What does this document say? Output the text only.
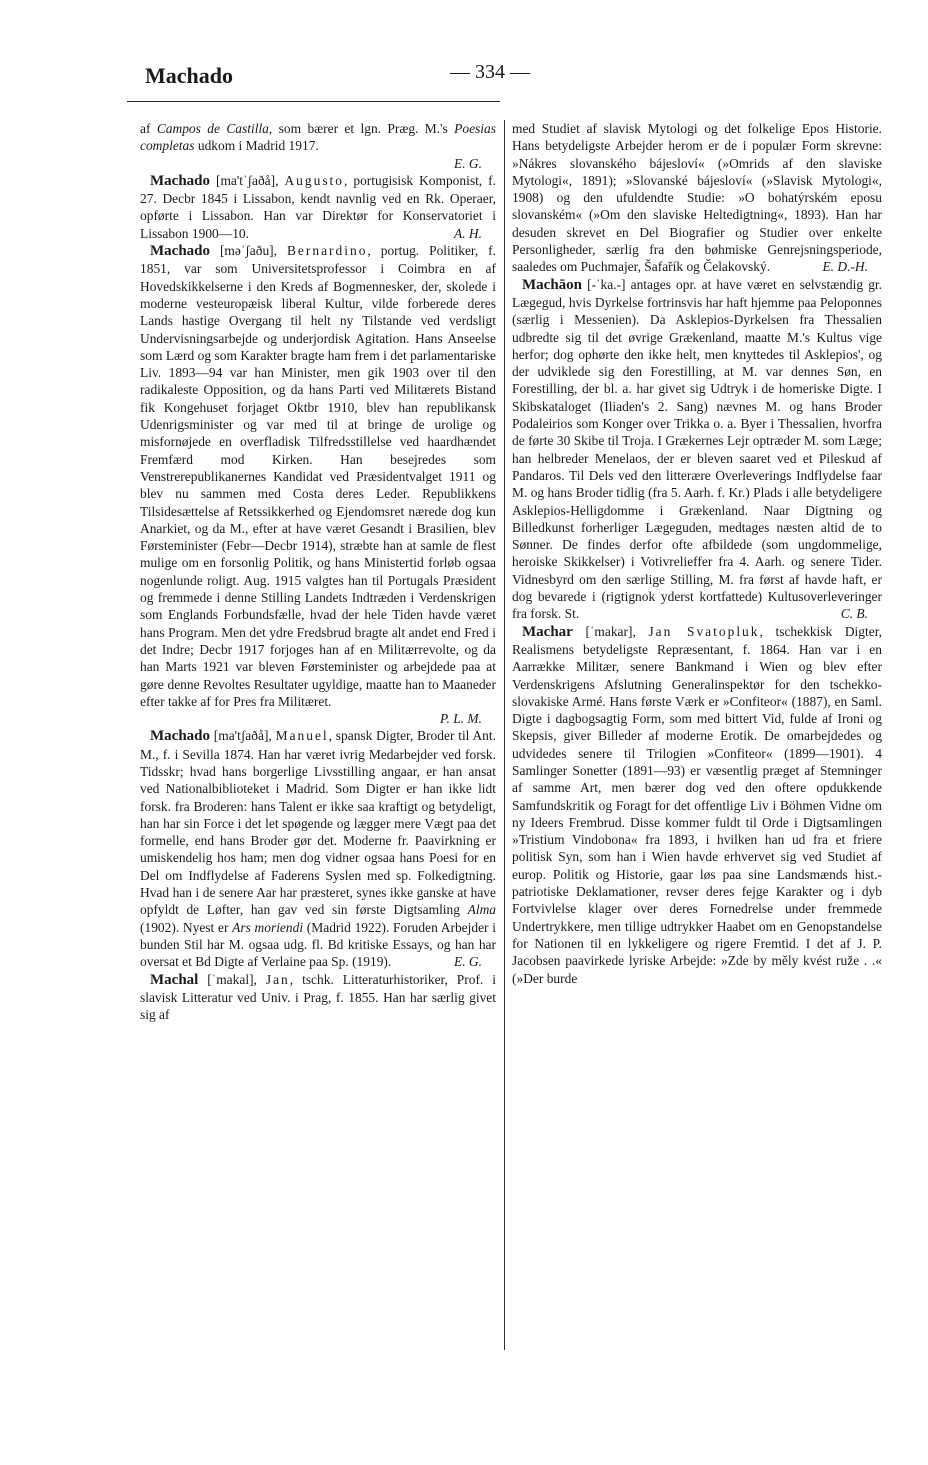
Machado	— 334 —

af Campos de Castilla, som bærer et lgn. Præg. M.'s Poesias completas udkom i Madrid 1917.
E. G.

Machado [ma'tˈʃaðå], Augusto, portugisisk Komponist, f. 27. Decbr 1845 i Lissabon, kendt navnlig ved en Rk. Operaer, opførte i Lissabon. Han var Direktør for Konservatoriet i Lissabon 1900—10.	A. H.

Machado [məˈʃaðu], Bernardino, portug. Politiker, f. 1851, var som Universitetsprofessor i Coimbra en af Hovedskikkelserne i den Kreds af Bogmennesker, der, skolede i moderne vesteuropæisk liberal Kultur, vilde forberede deres Lands hastige Overgang til helt ny Tilstande ved verdsligt Undervisningsarbejde og underjordisk Agitation. Hans Anseelse som Lærd og som Karakter bragte ham frem i det parlamentariske Liv. 1893—94 var han Minister, men gik 1903 over til den radikaleste Opposition, og da hans Parti ved Militærets Bistand fik Kongehuset forjaget Oktbr 1910, blev han republikansk Udenrigsminister og var med til at bringe de urolige og misfornøjede en overfladisk Tilfredsstillelse ved haardhændet Fremfærd mod Kirken. Han besejredes som Venstrerepublikanernes Kandidat ved Præsidentvalget 1911 og blev nu sammen med Costa deres Leder. Republikkens Tilsidesættelse af Retssikkerhed og Ejendomsret nærede dog kun Anarkiet, og da M., efter at have været Gesandt i Brasilien, blev Førsteminister (Febr—Decbr 1914), stræbte han at samle de flest mulige om en forsonlig Politik, og hans Ministertid forløb ogsaa nogenlunde roligt. Aug. 1915 valgtes han til Portugals Præsident og fremmede i denne Stilling Landets Indtræden i Verdenskrigen som Englands Forbundsfælle, hvad der hele Tiden havde været hans Program. Men det ydre Fredsbrud bragte alt andet end Fred i det Indre; Decbr 1917 forjoges han af en Militærrevolte, og da han Marts 1921 var bleven Førsteminister og arbejdede paa at gøre denne Revoltes Resultater ugyldige, maatte han to Maaneder efter takke af for Pres fra Militæret.
P. L. M.

Machado [ma'tʃaðå], Manuel, spansk Digter, Broder til Ant. M., f. i Sevilla 1874. Han har været ivrig Medarbejder ved forsk. Tidsskr; hvad hans borgerlige Livsstilling angaar, er han ansat ved Nationalbiblioteket i Madrid. Som Digter er han ikke lidt forsk. fra Broderen: hans Talent er ikke saa kraftigt og betydeligt, han har sin Force i det let spøgende og lægger mere Vægt paa det formelle, end hans Broder gør det. Moderne fr. Paavirkning er umiskendelig hos ham; men dog vidner ogsaa hans Poesi for en Del om Indflydelse af Faderens Syslen med sp. Folkedigtning. Hvad han i de senere Aar har præsteret, synes ikke ganske at have opfyldt de Løfter, han gav ved sin første Digtsamling Alma (1902). Nyest er Ars moriendi (Madrid 1922). Foruden Arbejder i bunden Stil har M. ogsaa udg. fl. Bd kritiske Essays, og han har oversat et Bd Digte af Verlaine paa Sp. (1919).	E. G.

Machal [ˈmakal], Jan, tschk. Litteraturhistoriker, Prof. i slavisk Litteratur ved Univ. i Prag, f. 1855. Han har særlig givet sig af

med Studiet af slavisk Mytologi og det folkelige Epos Historie. Hans betydeligste Arbejder herom er de i populær Form skrevne: »Nákres slovanského bájesloví« (»Omrids af den slaviske Mytologi«, 1891); »Slovanské bájesloví« (»Slavisk Mytologi«, 1908) og den ufuldendte Studie: »O bohatýrském eposu slovanském« (»Om den slaviske Heltedigtning«, 1893). Han har desuden skrevet en Del Biografier og Studier over enkelte Personligheder, særlig fra den bøhmiske Genrejsningsperiode, saaledes om Puchmajer, Šafařík og Čelakovský.	E. D.-H.

Machāon [-ˈka.-] antages opr. at have været en selvstændig gr. Lægegud, hvis Dyrkelse fortrinsvis har haft hjemme paa Peloponnes (særlig i Messenien). Da Asklepios-Dyrkelsen fra Thessalien udbredte sig til det øvrige Grækenland, maatte M.'s Kultus vige herfor; dog ophørte den ikke helt, men knyttedes til Asklepios', og der udviklede sig den Forestilling, at M. var dennes Søn, en Forestilling, der bl. a. har givet sig Udtryk i de homeriske Digte. I Skibskataloget (Iliaden's 2. Sang) nævnes M. og hans Broder Podaleirios som Konger over Trikka o. a. Byer i Thessalien, hvorfra de førte 30 Skibe til Troja. I Grækernes Lejr optræder M. som Læge; han helbreder Menelaos, der er bleven saaret ved et Pileskud af Pandaros. Til Dels ved den litterære Overleverings Indflydelse faar M. og hans Broder tidlig (fra 5. Aarh. f. Kr.) Plads i alle betydeligere Asklepios-Helligdomme i Grækenland. Naar Digtning og Billedkunst forherliger Lægeguden, medtages næsten altid de to Sønner. De findes derfor ofte afbildede (som ungdommelige, heroiske Skikkelser) i Votivrelieffer fra 4. Aarh. og senere Tider. Vidnesbyrd om den særlige Stilling, M. fra først af havde haft, er dog bevarede i (rigtignok yderst kortfattede) Kultusoverleveringer fra forsk. St.	C. B.

Machar [ˈmakar], Jan Svatopluk, tschekkisk Digter, Realismens betydeligste Repræsentant, f. 1864. Han var i en Aarrække Militær, senere Bankmand i Wien og blev efter Verdenskrigens Afslutning Generalinspektør for den tschekko-slovakiske Armé. Hans første Værk er »Confiteor« (1887), en Saml. Digte i dagbogsagtig Form, som med bittert Vid, fulde af Ironi og Skepsis, giver Billeder af moderne Erotik. De omarbejdedes og udvidedes senere til Trilogien »Confiteor« (1899—1901). 4 Samlinger Sonetter (1891—93) er væsentlig præget af Stemninger af samme Art, men bærer dog ved den oftere opdukkende Samfundskritik og Foragt for det offentlige Liv i Böhmen Vidne om ny Ideers Frembrud. Disse kommer fuldt til Orde i Digtsamlingen »Tristium Vindobona« fra 1893, i hvilken han ud fra et friere politisk Syn, som han i Wien havde erhvervet sig ved Studiet af europ. Politik og Historie, gaar løs paa sine Landsmænds hist.-patriotiske Deklamationer, revser deres fejge Karakter og i dyb Fortvivlelse klager over deres Fornedrelse under fremmede Undertrykkere, men tillige udtrykker Haabet om en Genopstandelse for Nationen til en lykkeligere og rigere Fremtid. I det af J. P. Jacobsen paavirkede lyriske Arbejde: »Zde by měly kvést ruže . .« (»Der burde
